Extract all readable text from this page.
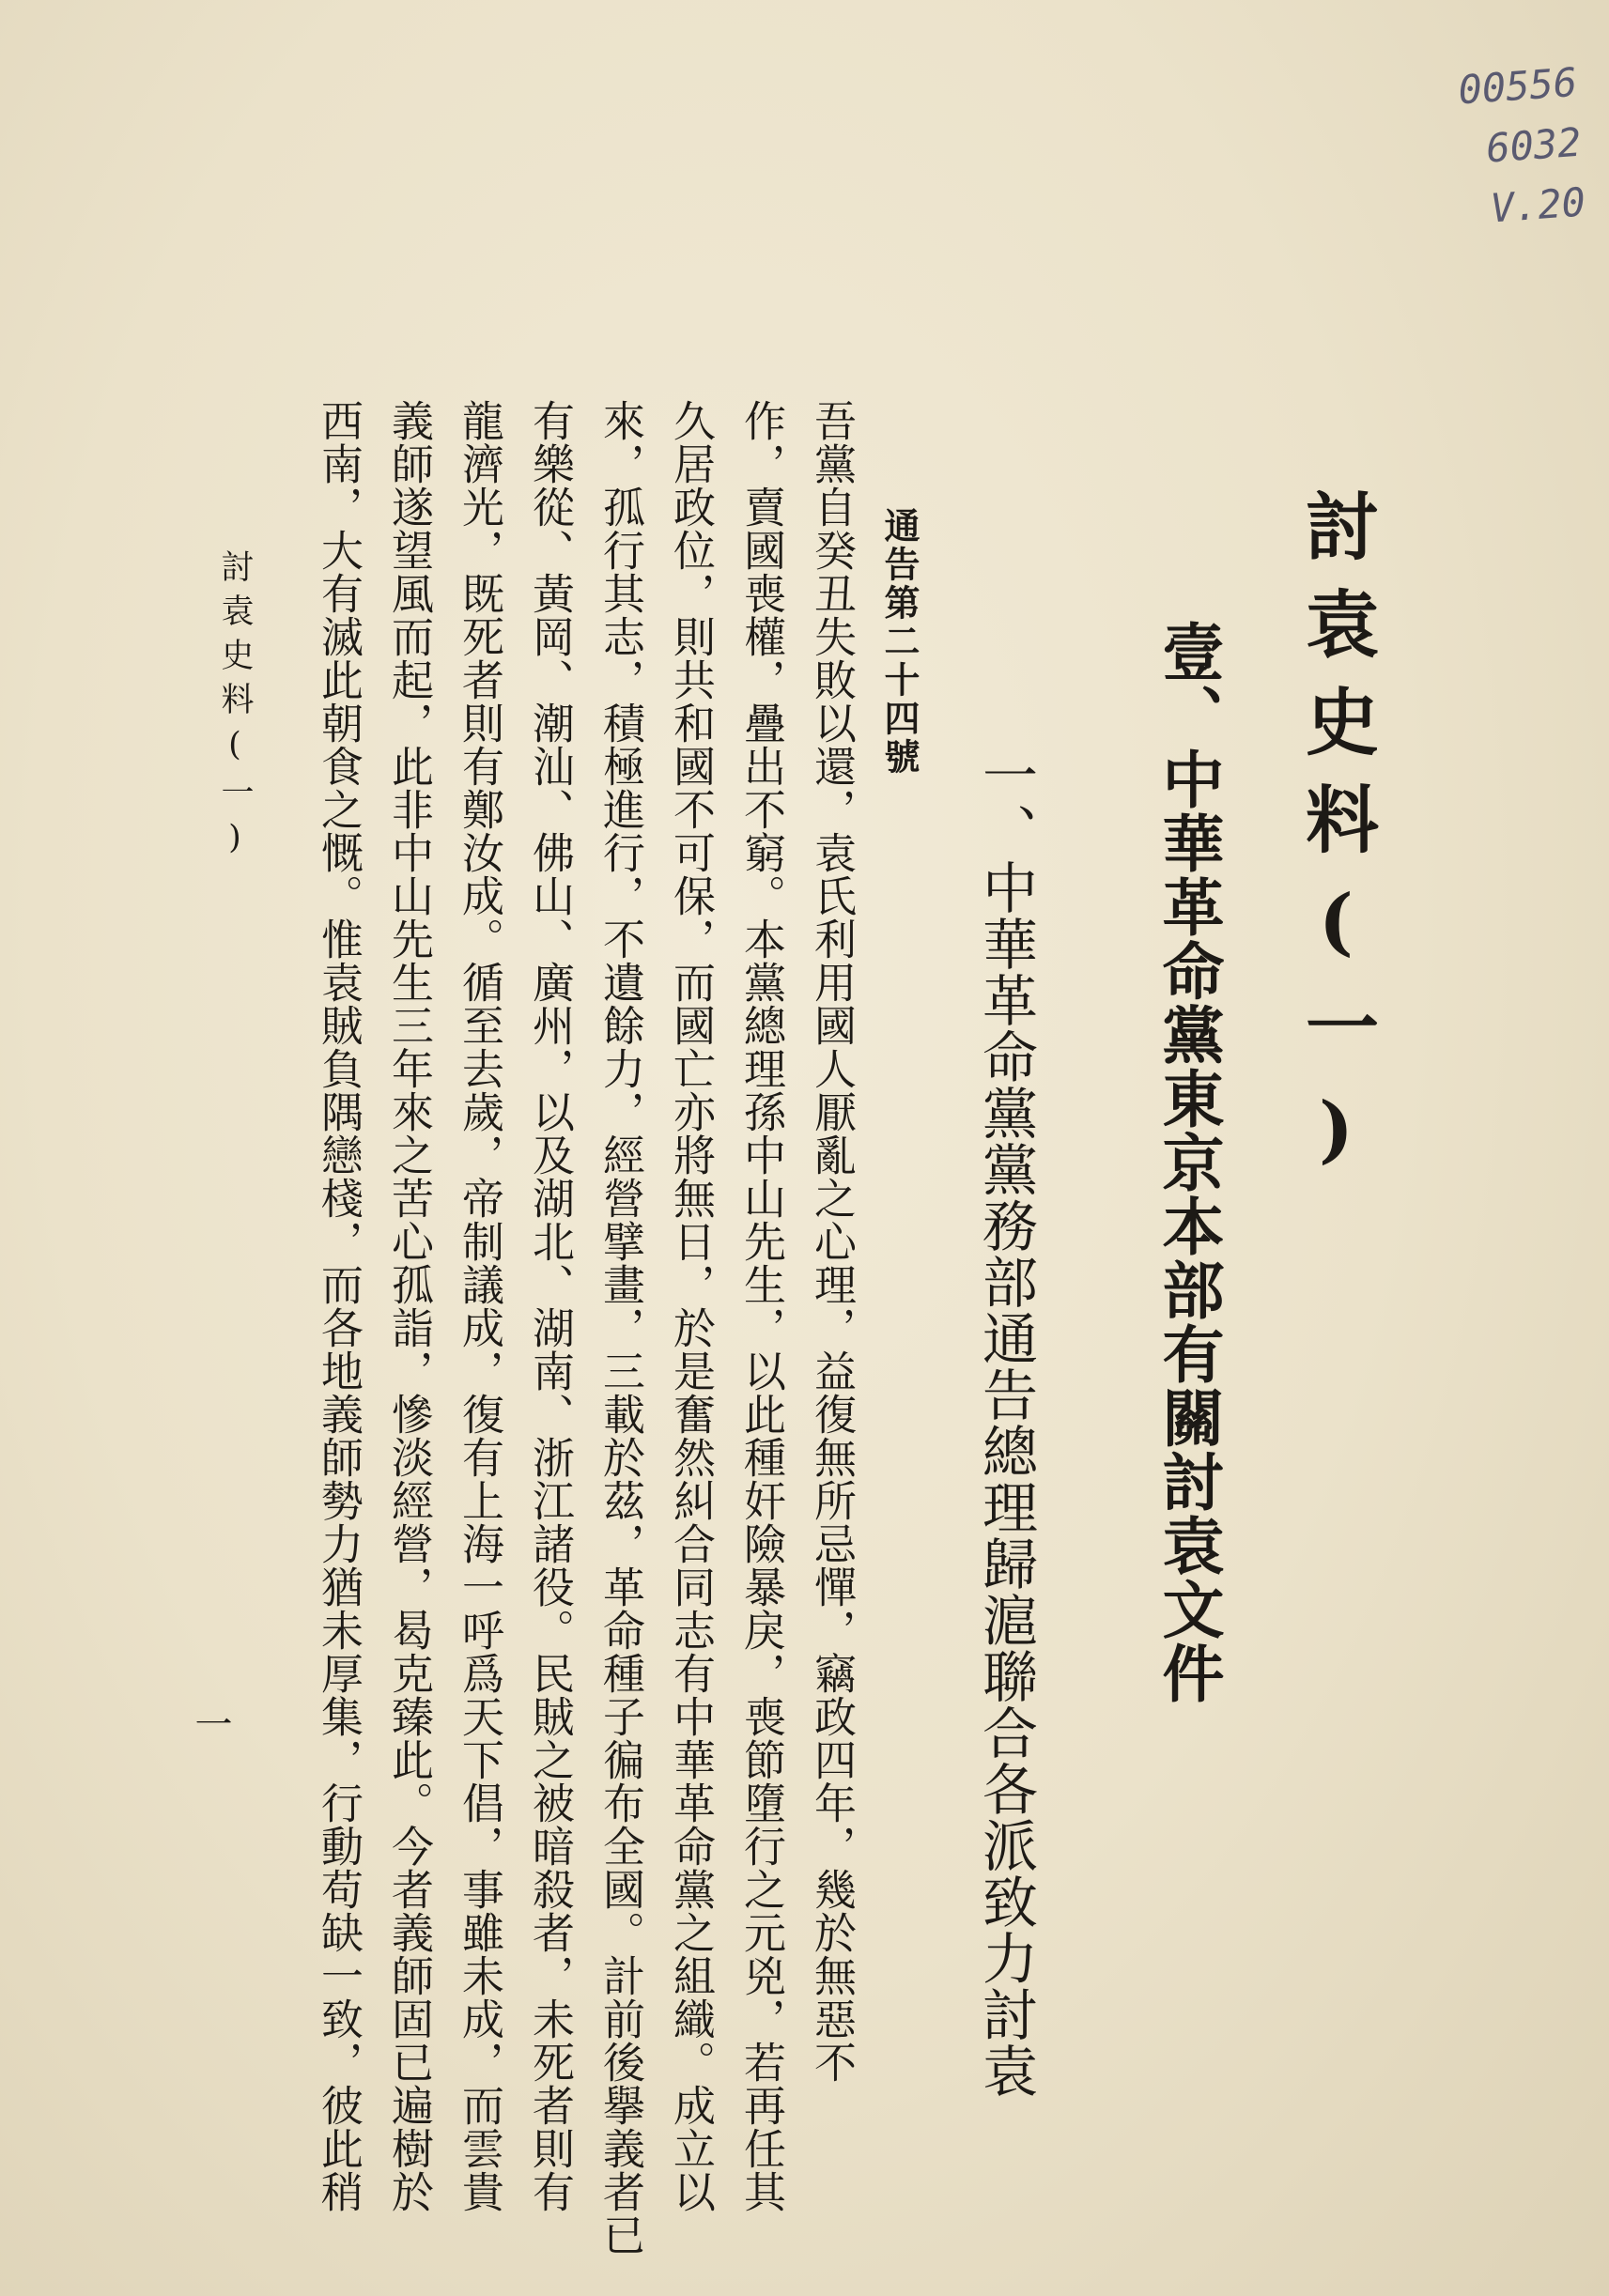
00556
6032
V.20
討袁史料(一)
壹、中華革命黨東京本部有關討袁文件
一、中華革命黨黨務部通告總理歸滬聯合各派致力討袁
通告第二十四號
吾黨自癸丑失敗以還，袁氏利用國人厭亂之心理，益復無所忌憚，竊政四年，幾於無惡不
作，賣國喪權，疊出不窮。本黨總理孫中山先生，以此種奸險暴戾，喪節墮行之元兇，若再任其
久居政位，則共和國不可保，而國亡亦將無日，於是奮然糾合同志有中華革命黨之組織。成立以
來，孤行其志，積極進行，不遺餘力，經營擘畫，三載於茲，革命種子徧布全國。計前後擧義者已
有樂從、黃岡、潮汕、佛山、廣州，以及湖北、湖南、浙江諸役。民賊之被暗殺者，未死者則有
龍濟光，既死者則有鄭汝成。循至去歲，帝制議成，復有上海一呼爲天下倡，事雖未成，而雲貴
義師遂望風而起，此非中山先生三年來之苦心孤詣，慘淡經營，曷克臻此。今者義師固已遍樹於
西南，大有滅此朝食之慨。惟袁賊負隅戀棧，而各地義師勢力猶未厚集，行動苟缺一致，彼此稍
討袁史料(一)
一
